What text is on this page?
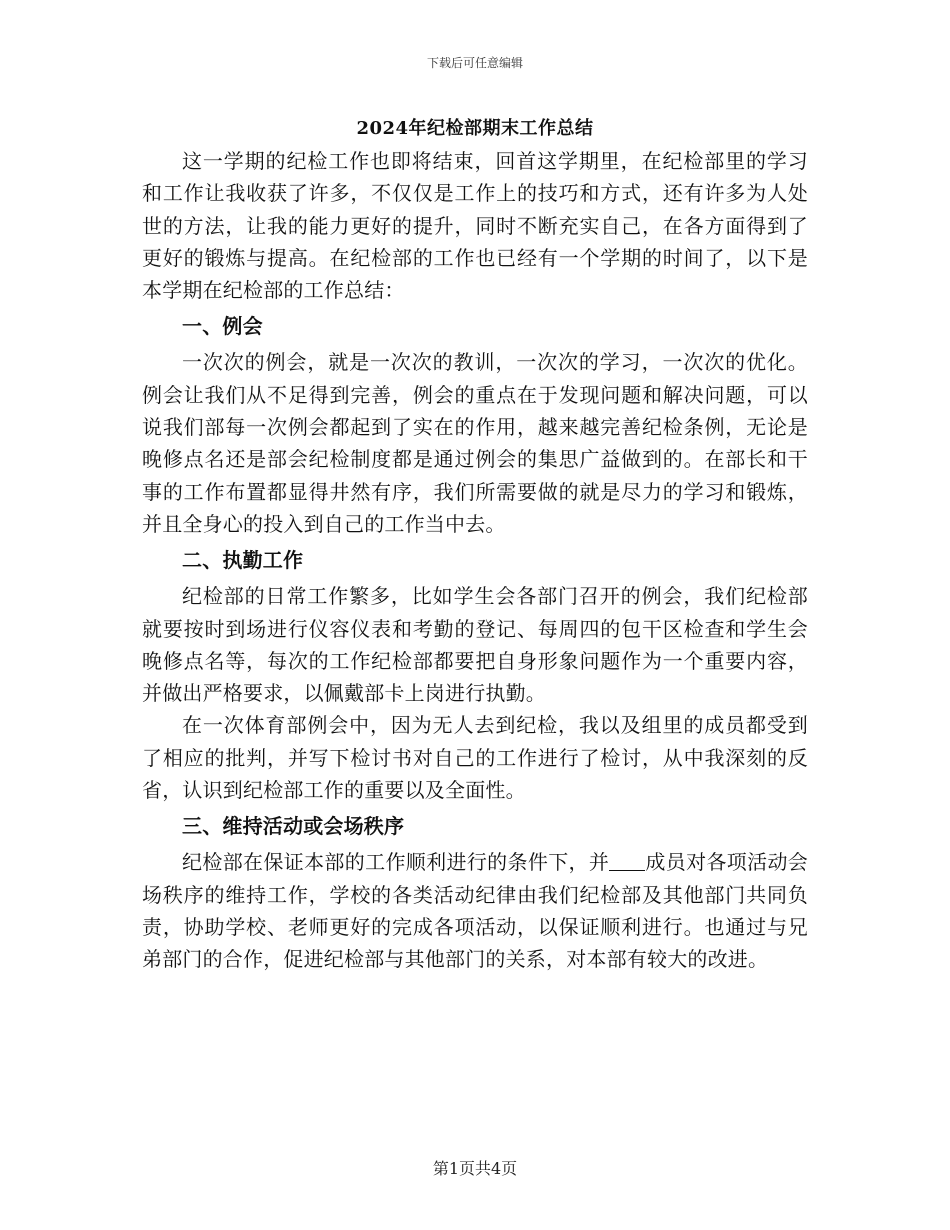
下载后可任意编辑
2024年纪检部期末工作总结

这一学期的纪检工作也即将结束，回首这学期里，在纪检部里的学习和工作让我收获了许多，不仅仅是工作上的技巧和方式，还有许多为人处世的方法，让我的能力更好的提升，同时不断充实自己，在各方面得到了更好的锻炼与提高。在纪检部的工作也已经有一个学期的时间了，以下是本学期在纪检部的工作总结：

一、例会

一次次的例会，就是一次次的教训，一次次的学习，一次次的优化。例会让我们从不足得到完善，例会的重点在于发现问题和解决问题，可以说我们部每一次例会都起到了实在的作用，越来越完善纪检条例，无论是晚修点名还是部会纪检制度都是通过例会的集思广益做到的。在部长和干事的工作布置都显得井然有序，我们所需要做的就是尽力的学习和锻炼，并且全身心的投入到自己的工作当中去。

二、执勤工作

纪检部的日常工作繁多，比如学生会各部门召开的例会，我们纪检部就要按时到场进行仪容仪表和考勤的登记、每周四的包干区检查和学生会晚修点名等，每次的工作纪检部都要把自身形象问题作为一个重要内容，并做出严格要求，以佩戴部卡上岗进行执勤。

在一次体育部例会中，因为无人去到纪检，我以及组里的成员都受到了相应的批判，并写下检讨书对自己的工作进行了检讨，从中我深刻的反省，认识到纪检部工作的重要以及全面性。

三、维持活动或会场秩序

纪检部在保证本部的工作顺利进行的条件下，并 成员对各项活动会场秩序的维持工作，学校的各类活动纪律由我们纪检部及其他部门共同负责，协助学校、老师更好的完成各项活动，以保证顺利进行。也通过与兄弟部门的合作，促进纪检部与其他部门的关系，对本部有较大的改进。

第1页共4页
